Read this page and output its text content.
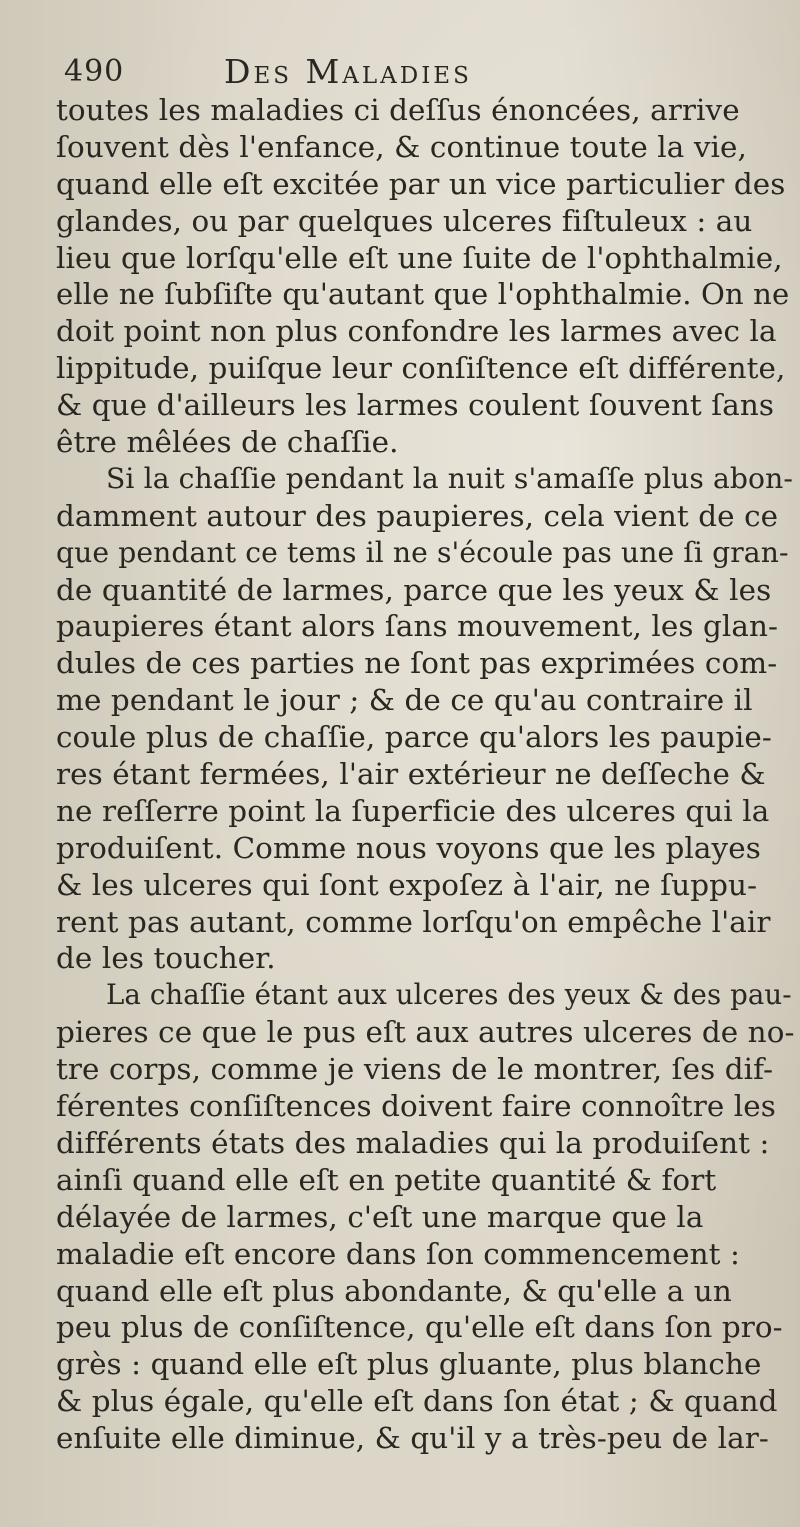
490	Des Maladies
toutes les maladies ci deſſus énoncées, arrive
ſouvent dès l'enfance, & continue toute la vie,
quand elle eſt excitée par un vice particulier des
glandes, ou par quelques ulceres fiſtuleux : au
lieu que lorſqu'elle eſt une ſuite de l'ophthalmie,
elle ne ſubſiſte qu'autant que l'ophthalmie. On ne
doit point non plus confondre les larmes avec la
lippitude, puiſque leur conſiſtence eſt différente,
& que d'ailleurs les larmes coulent ſouvent ſans
être mêlées de chaſſie.
Si la chaſſie pendant la nuit s'amaſſe plus abon-
damment autour des paupieres, cela vient de ce
que pendant ce tems il ne s'écoule pas une ſi gran-
de quantité de larmes, parce que les yeux & les
paupieres étant alors ſans mouvement, les glan-
dules de ces parties ne ſont pas exprimées com-
me pendant le jour ; & de ce qu'au contraire il
coule plus de chaſſie, parce qu'alors les paupie-
res étant fermées, l'air extérieur ne deſſeche &
ne reſſerre point la ſuperficie des ulceres qui la
produiſent. Comme nous voyons que les playes
& les ulceres qui ſont expoſez à l'air, ne ſuppu-
rent pas autant, comme lorſqu'on empêche l'air
de les toucher.
La chaſſie étant aux ulceres des yeux & des pau-
pieres ce que le pus eſt aux autres ulceres de no-
tre corps, comme je viens de le montrer, ſes dif-
férentes conſiſtences doivent faire connoître les
différents états des maladies qui la produiſent :
ainſi quand elle eſt en petite quantité & fort
délayée de larmes, c'eſt une marque que la
maladie eſt encore dans ſon commencement :
quand elle eſt plus abondante, & qu'elle a un
peu plus de conſiſtence, qu'elle eſt dans ſon pro-
grès : quand elle eſt plus gluante, plus blanche
& plus égale, qu'elle eſt dans ſon état ; & quand
enſuite elle diminue, & qu'il y a très-peu de lar-
